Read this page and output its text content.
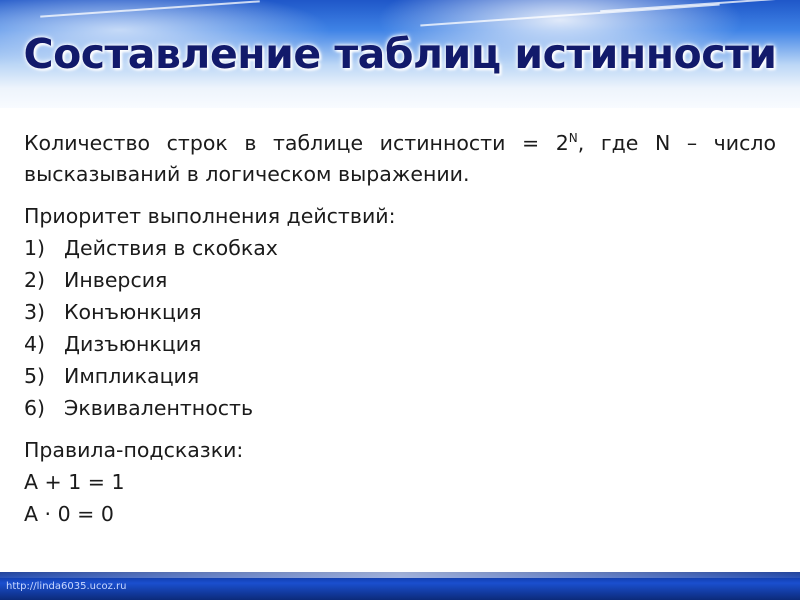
Составление таблиц истинности

Количество строк в таблице истинности = $2^N$, где N – число высказываний в логическом выражении.

Приоритет выполнения действий:
1) Действия в скобках
2) Инверсия
3) Конъюнкция
4) Дизъюнкция
5) Импликация
6) Эквивалентность
Правила-подсказки:
A + 1 = 1
A · 0 = 0
http://linda6035.ucoz.ru
